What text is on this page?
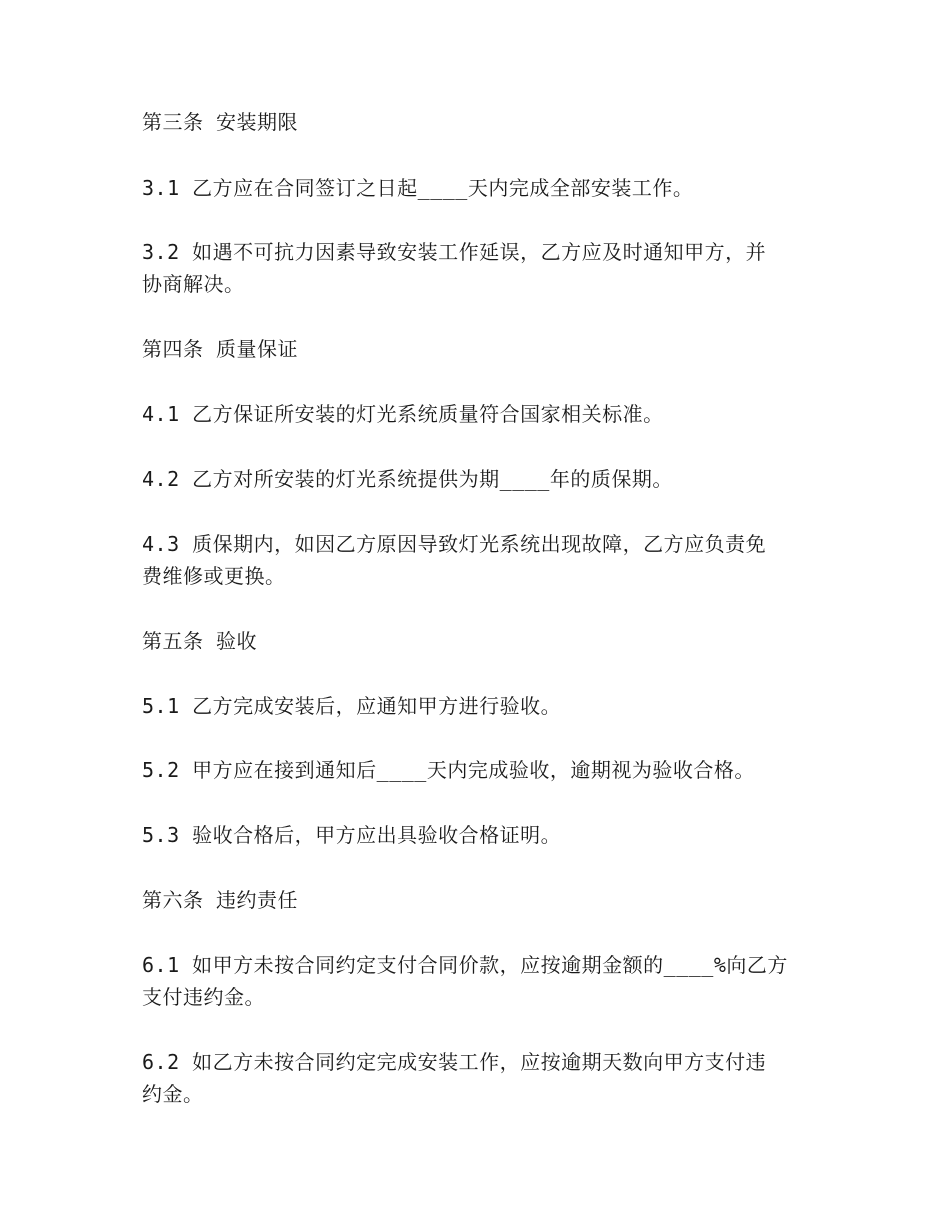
第三条 安装期限
3.1 乙方应在合同签订之日起____天内完成全部安装工作。
3.2 如遇不可抗力因素导致安装工作延误，乙方应及时通知甲方，并
协商解决。
第四条 质量保证
4.1 乙方保证所安装的灯光系统质量符合国家相关标准。
4.2 乙方对所安装的灯光系统提供为期____年的质保期。
4.3 质保期内，如因乙方原因导致灯光系统出现故障，乙方应负责免
费维修或更换。
第五条 验收
5.1 乙方完成安装后，应通知甲方进行验收。
5.2 甲方应在接到通知后____天内完成验收，逾期视为验收合格。
5.3 验收合格后，甲方应出具验收合格证明。
第六条 违约责任
6.1 如甲方未按合同约定支付合同价款，应按逾期金额的____%向乙方
支付违约金。
6.2 如乙方未按合同约定完成安装工作，应按逾期天数向甲方支付违
约金。
